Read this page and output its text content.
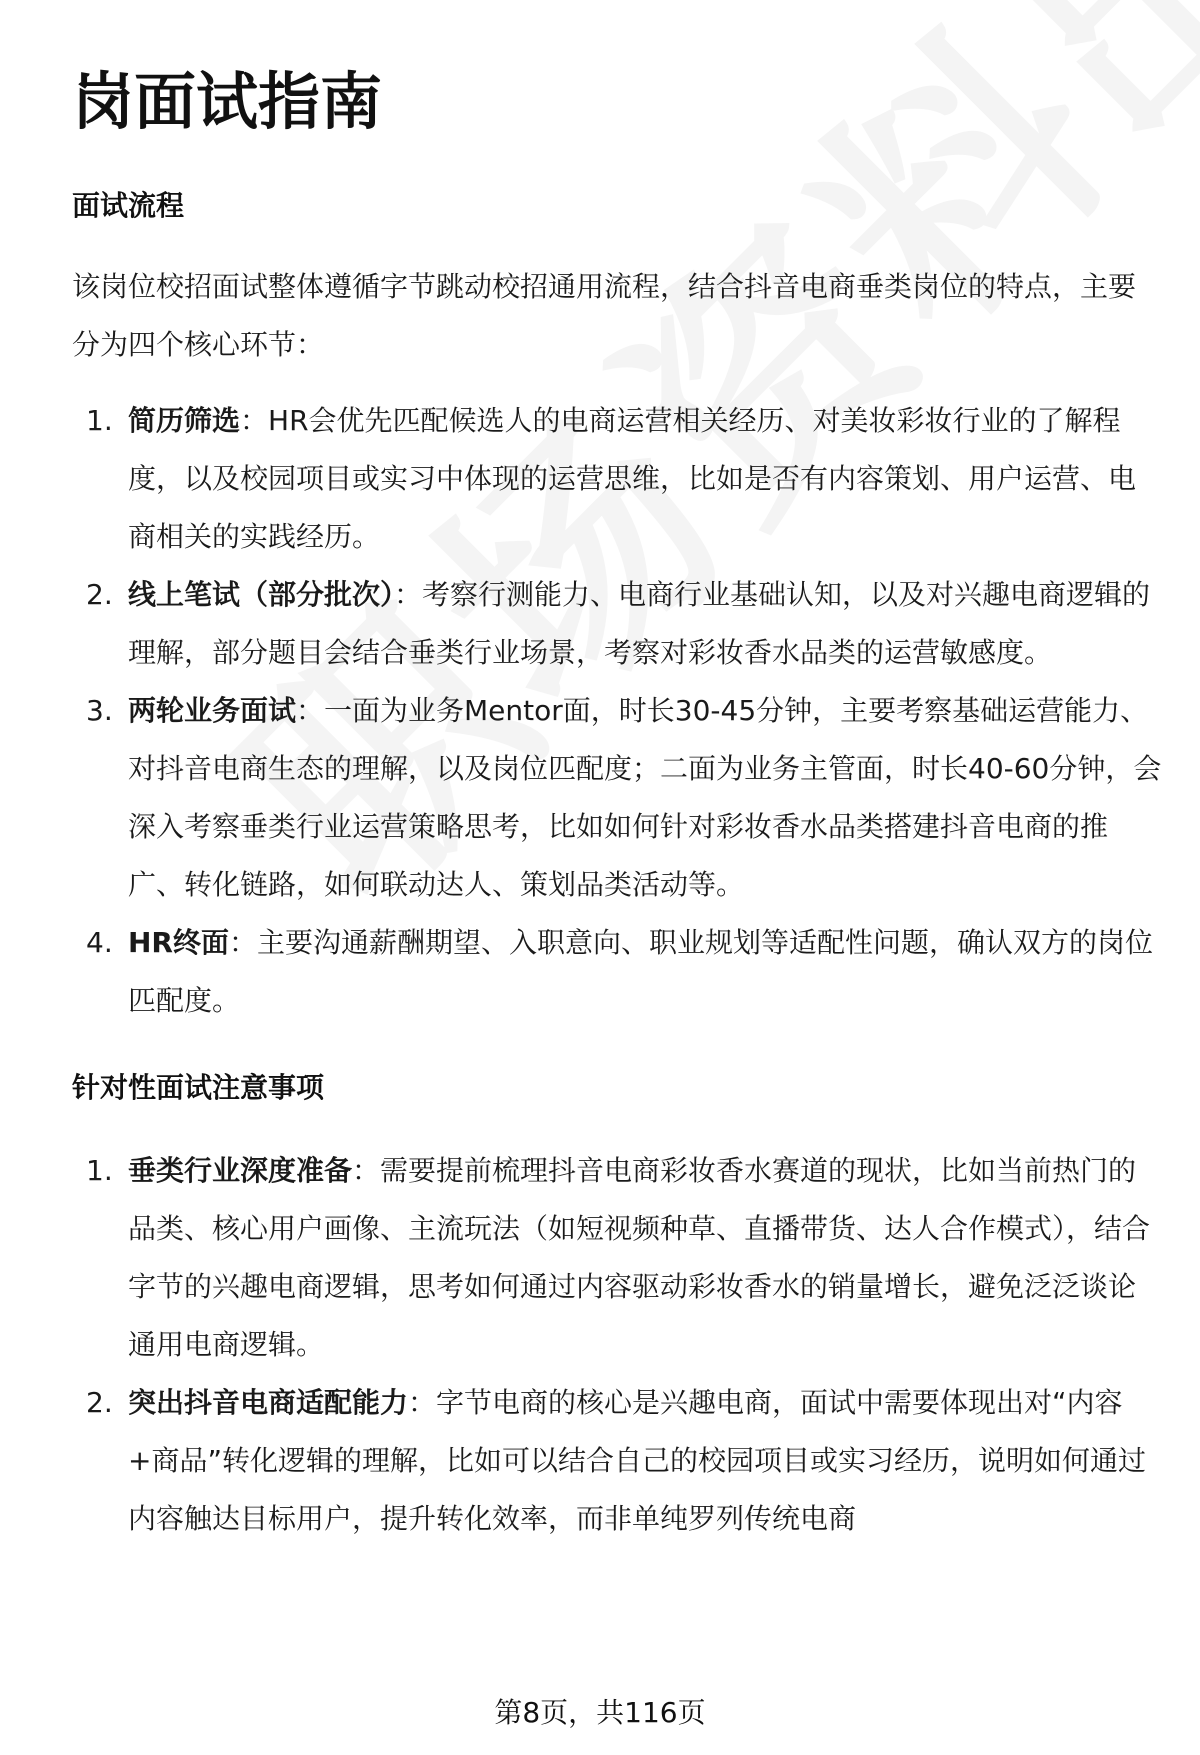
岗面试指南
面试流程

该岗位校招面试整体遵循字节跳动校招通用流程，结合抖音电商垂类岗位的特点，主要分为四个核心环节：

1. 简历筛选：HR会优先匹配候选人的电商运营相关经历、对美妆彩妆行业的了解程度，以及校园项目或实习中体现的运营思维，比如是否有内容策划、用户运营、电商相关的实践经历。
2. 线上笔试（部分批次）：考察行测能力、电商行业基础认知，以及对兴趣电商逻辑的理解，部分题目会结合垂类行业场景，考察对彩妆香水品类的运营敏感度。
3. 两轮业务面试：一面为业务Mentor面，时长30-45分钟，主要考察基础运营能力、对抖音电商生态的理解，以及岗位匹配度；二面为业务主管面，时长40-60分钟，会深入考察垂类行业运营策略思考，比如如何针对彩妆香水品类搭建抖音电商的推广、转化链路，如何联动达人、策划品类活动等。
4. HR终面：主要沟通薪酬期望、入职意向、职业规划等适配性问题，确认双方的岗位匹配度。
针对性面试注意事项
1. 垂类行业深度准备：需要提前梳理抖音电商彩妆香水赛道的现状，比如当前热门的品类、核心用户画像、主流玩法（如短视频种草、直播带货、达人合作模式），结合字节的兴趣电商逻辑，思考如何通过内容驱动彩妆香水的销量增长，避免泛泛谈论通用电商逻辑。
2. 突出抖音电商适配能力：字节电商的核心是兴趣电商，面试中需要体现出对“内容+商品”转化逻辑的理解，比如可以结合自己的校园项目或实习经历，说明如何通过内容触达目标用户，提升转化效率，而非单纯罗列传统电商
第8页，共116页
